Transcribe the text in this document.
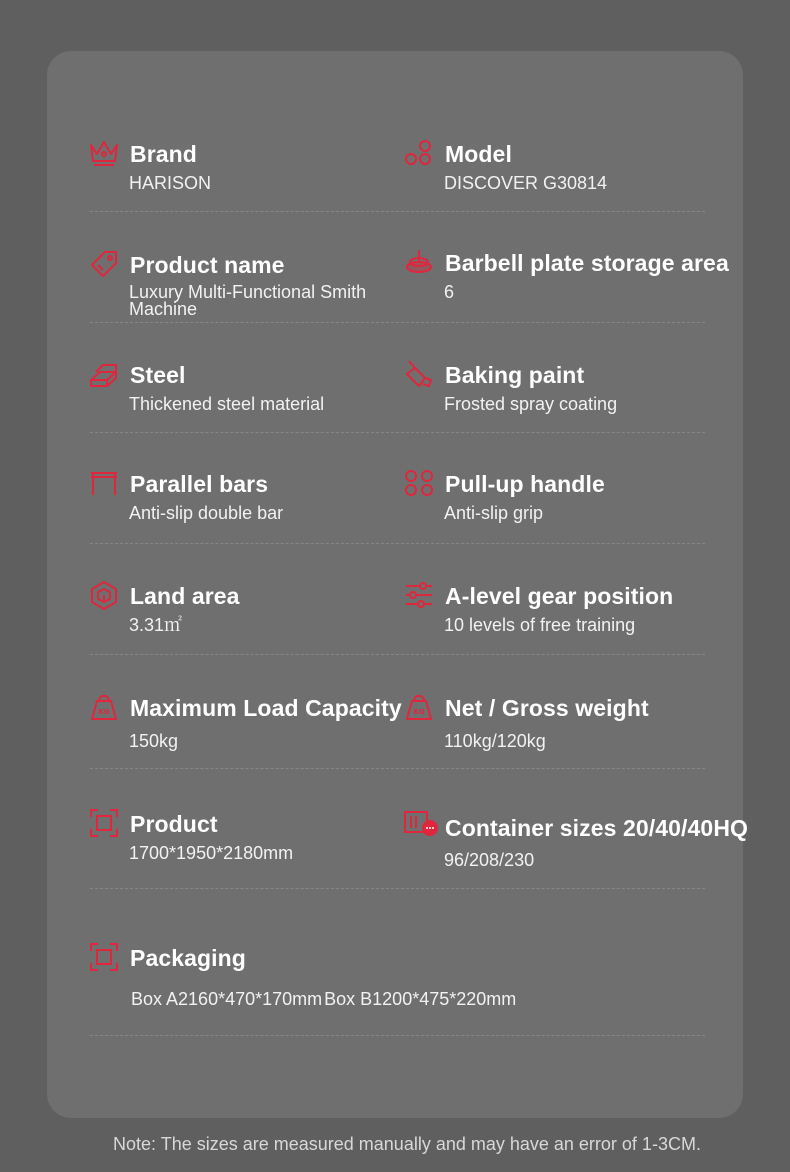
Brand
HARISON
Model
DISCOVER G30814
Product name
Luxury Multi-Functional Smith Machine
Barbell plate storage area
6
Steel
Thickened steel material
Baking paint
Frosted spray coating
Parallel bars
Anti-slip double bar
Pull-up handle
Anti-slip grip
Land area
3.31㎡
A-level gear position
10 levels of free training
KG Maximum Load Capacity
150kg
KG Net / Gross weight
110kg/120kg
Product
1700*1950*2180mm
Container sizes 20/40/40HQ
96/208/230
Packaging
Box A2160*470*170mm Box B1200*475*220mm
Note: The sizes are measured manually and may have an error of 1-3CM.
